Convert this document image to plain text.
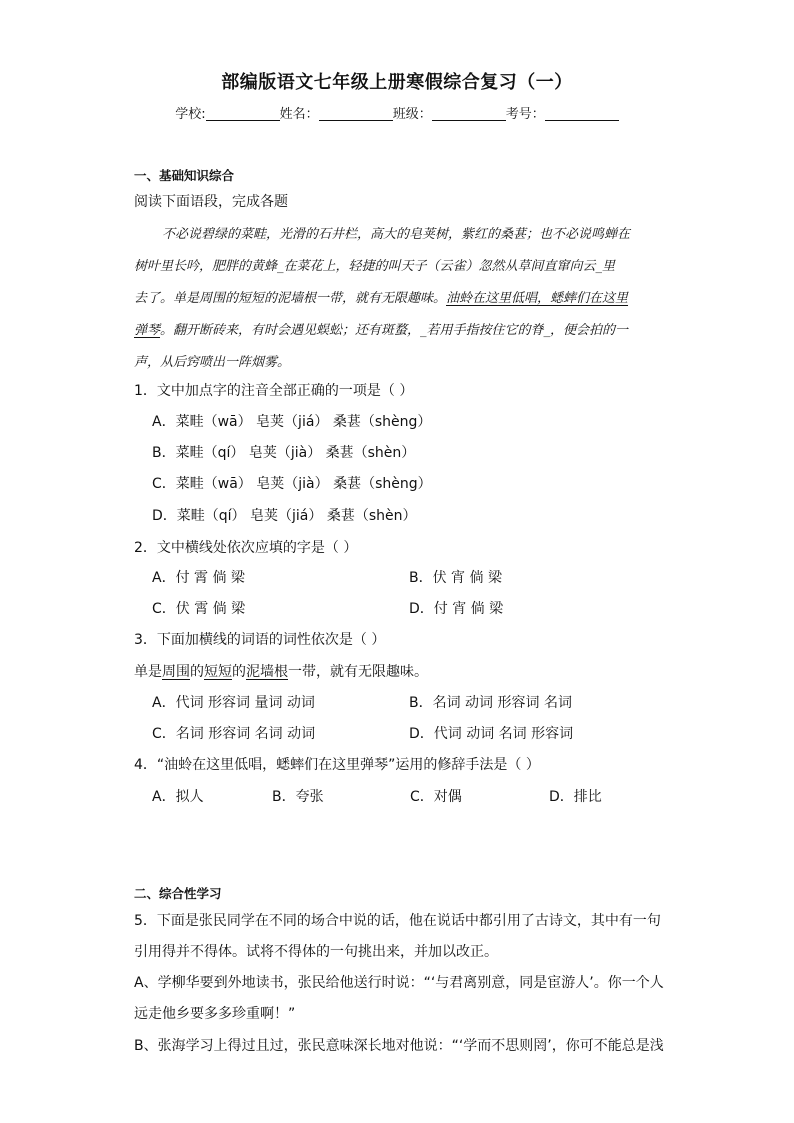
部编版语文七年级上册寒假综合复习（一）
学校:	姓名：	班级：	考号：
一、基础知识综合
阅读下面语段，完成各题
不必说碧绿的菜畦，光滑的石井栏，高大的皂荚树，紫红的桑葚；也不必说鸣蝉在
树叶里长吟，肥胖的黄蜂_在菜花上，轻捷的叫天子（云雀）忽然从草间直窜向云_里
去了。单是周围的短短的泥墙根一带，就有无限趣味。油蛉在这里低唱，蟋蟀们在这里
弹琴。翻开断砖来，有时会遇见蜈蚣；还有斑蝥，_若用手指按住它的脊_，便会拍的一
声，从后窍喷出一阵烟雾。
1．文中加点字的注音全部正确的一项是（ ）
A．菜畦（wā） 皂荚（jiá） 桑葚（shèng）
B．菜畦（qí） 皂荚（jià） 桑葚（shèn）
C．菜畦（wā） 皂荚（jià） 桑葚（shèng）
D．菜畦（qí） 皂荚（jiá） 桑葚（shèn）
2．文中横线处依次应填的字是（ ）
A．付 霄 倘 梁	B．伏 宵 倘 梁
C．伏 霄 倘 梁	D．付 宵 倘 梁
3．下面加横线的词语的词性依次是（ ）
单是周围的短短的泥墙根一带，就有无限趣味。
A．代词 形容词 量词 动词	B．名词 动词 形容词 名词
C．名词 形容词 名词 动词	D．代词 动词 名词 形容词
4．“油蛉在这里低唱，蟋蟀们在这里弹琴”运用的修辞手法是（ ）
A．拟人	B．夸张	C．对偶	D．排比
二、综合性学习
5．下面是张民同学在不同的场合中说的话，他在说话中都引用了古诗文，其中有一句
引用得并不得体。试将不得体的一句挑出来，并加以改正。
A、学柳华要到外地读书，张民给他送行时说：“‘与君离别意，同是宦游人’。你一个人
远走他乡要多多珍重啊！”
B、张海学习上得过且过，张民意味深长地对他说：“‘学而不思则罔’，你可不能总是浅
